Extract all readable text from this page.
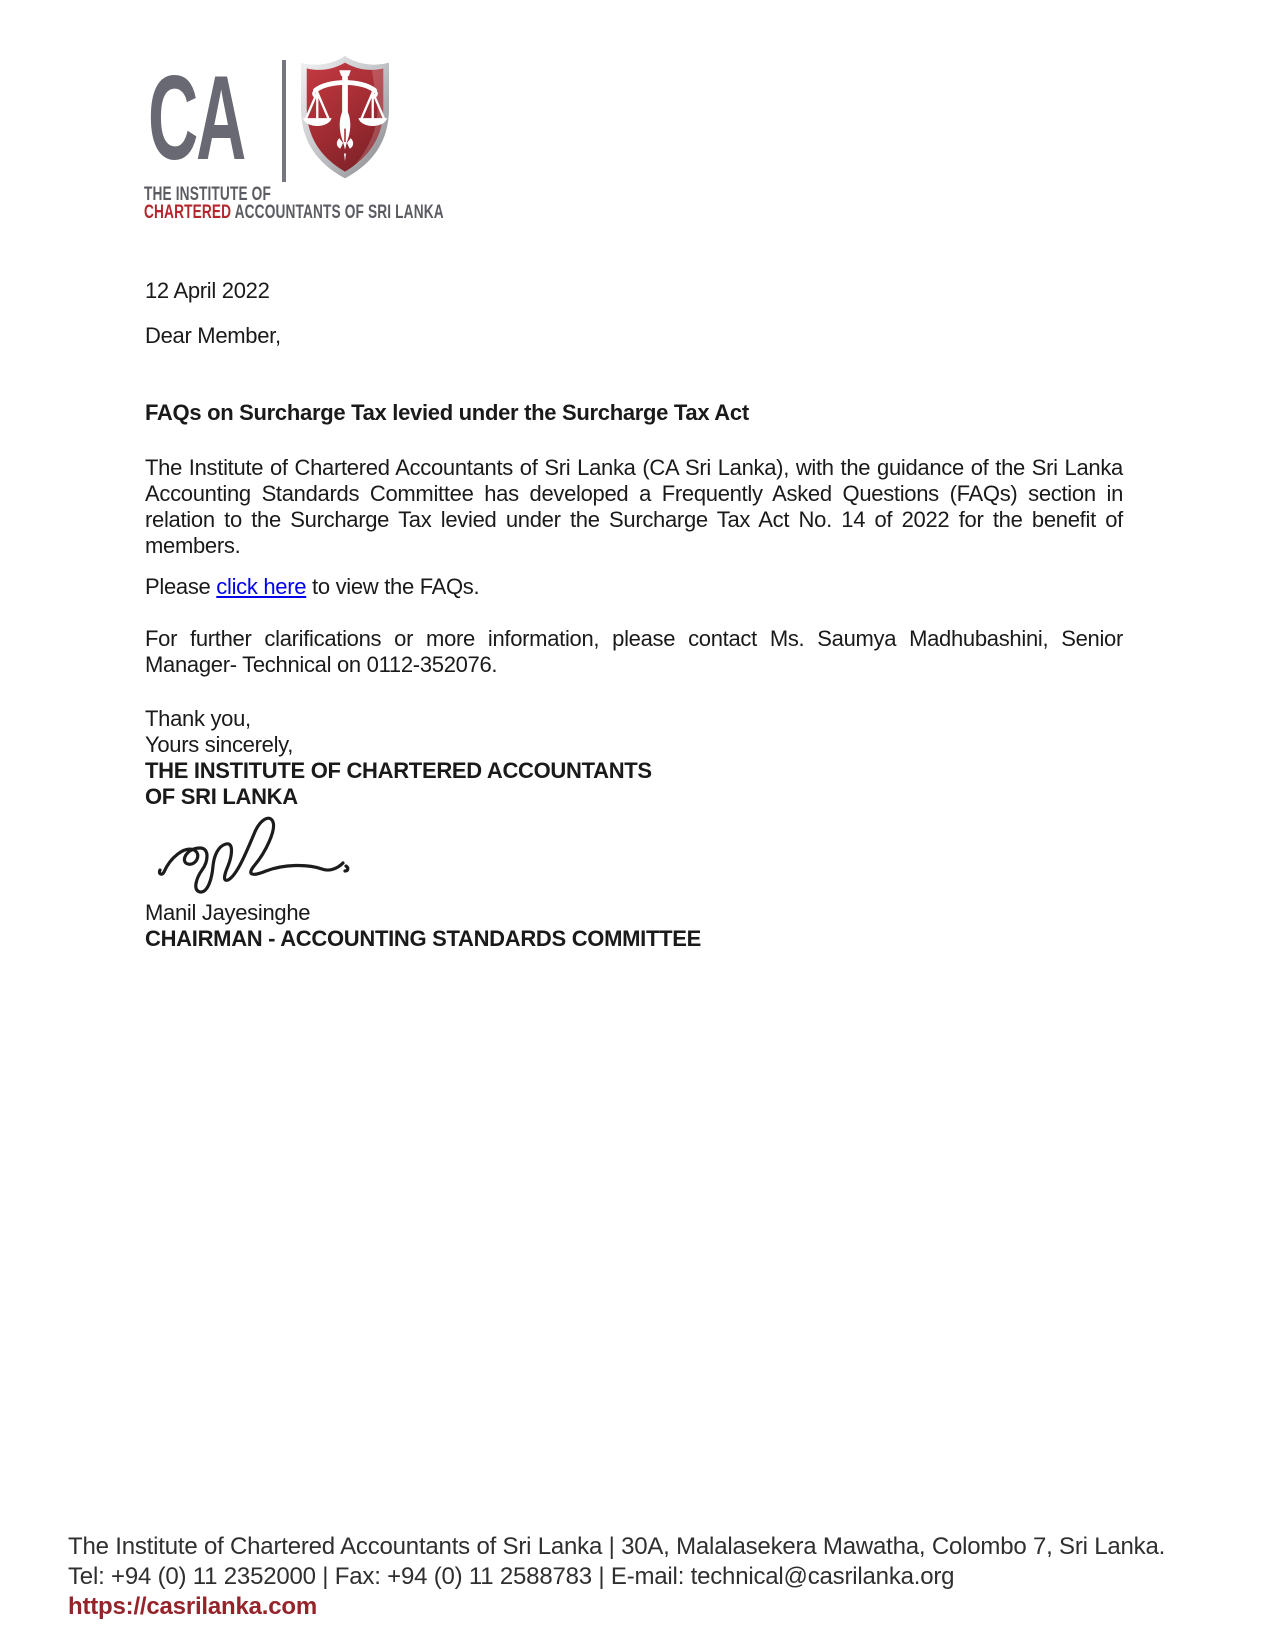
CA
THE INSTITUTE OF
CHARTERED ACCOUNTANTS OF SRI LANKA
12 April 2022
Dear Member,
FAQs on Surcharge Tax levied under the Surcharge Tax Act
The Institute of Chartered Accountants of Sri Lanka (CA Sri Lanka), with the guidance of the Sri Lanka
Accounting Standards Committee has developed a Frequently Asked Questions (FAQs) section in
relation to the Surcharge Tax levied under the Surcharge Tax Act No. 14 of 2022 for the benefit of
members.
Please click here to view the FAQs.
For further clarifications or more information, please contact Ms. Saumya Madhubashini, Senior
Manager- Technical on 0112-352076.
Thank you,
Yours sincerely,
THE INSTITUTE OF CHARTERED ACCOUNTANTS
OF SRI LANKA
Manil Jayesinghe
CHAIRMAN - ACCOUNTING STANDARDS COMMITTEE
The Institute of Chartered Accountants of Sri Lanka | 30A, Malalasekera Mawatha, Colombo 7, Sri Lanka.
Tel: +94 (0) 11 2352000 | Fax: +94 (0) 11 2588783 | E-mail: technical@casrilanka.org
https://casrilanka.com
